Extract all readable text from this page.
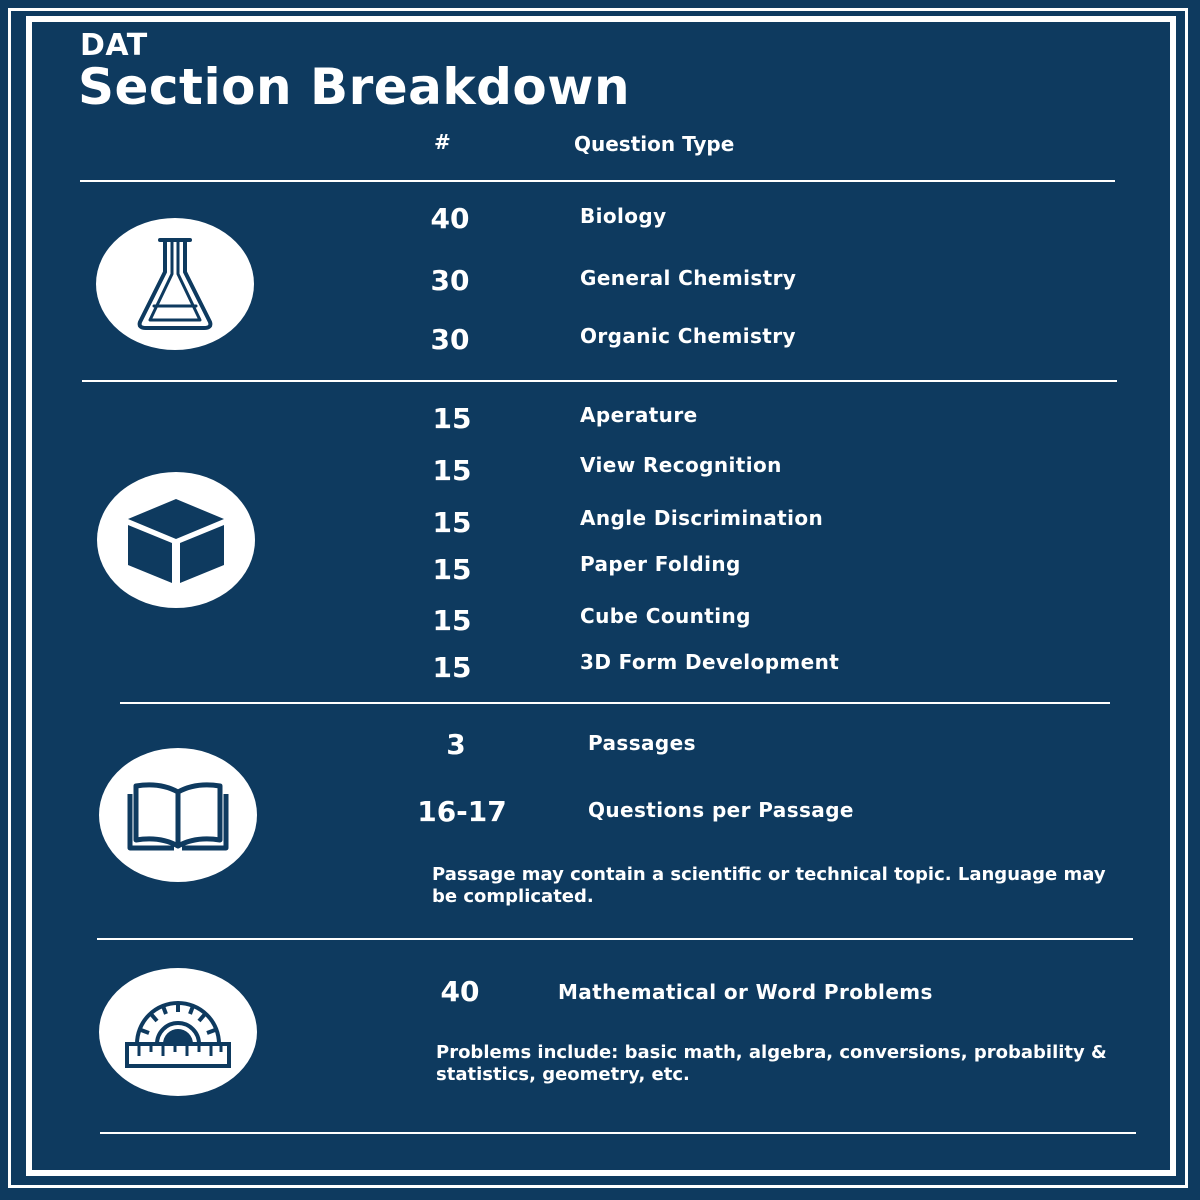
DAT
Section Breakdown
#	Question Type
40	Biology
30	General Chemistry
30	Organic Chemistry
15	Aperature
15	View Recognition
15	Angle Discrimination
15	Paper Folding
15	Cube Counting
15	3D Form Development
3	Passages
16-17	Questions per Passage
Passage may contain a scientific or technical topic. Language may be complicated.
40	Mathematical or Word Problems
Problems include: basic math, algebra, conversions, probability & statistics, geometry, etc.
